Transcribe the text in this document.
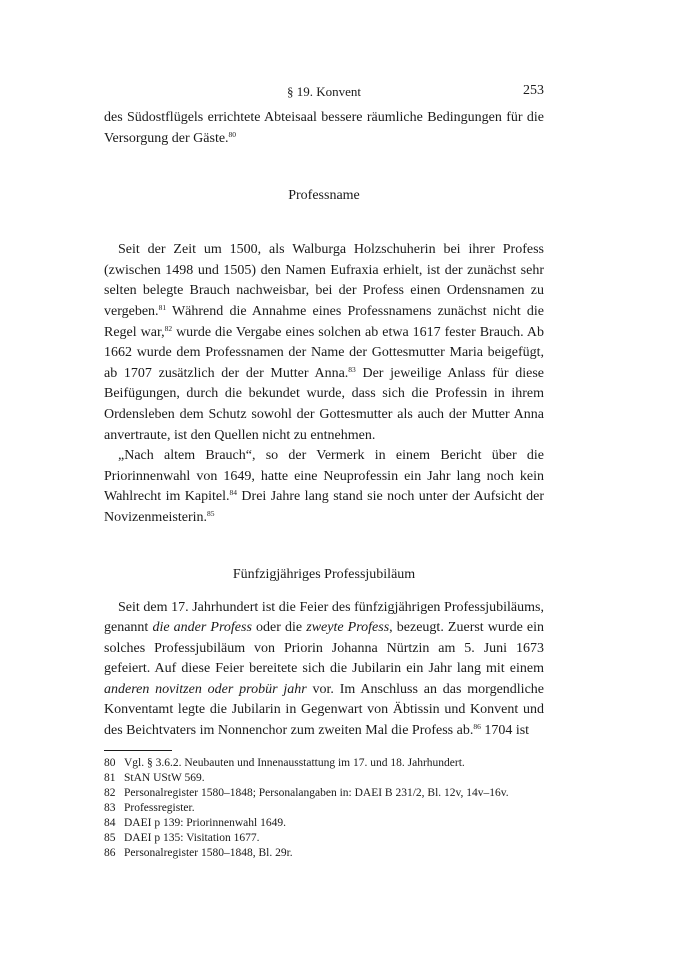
§ 19. Konvent	253

des Südostflügels errichtete Abteisaal bessere räumliche Bedingungen für die Versorgung der Gäste.$^{80}$

Professname

Seit der Zeit um 1500, als Walburga Holzschuherin bei ihrer Profess (zwischen 1498 und 1505) den Namen Eufraxia erhielt, ist der zunächst sehr selten belegte Brauch nachweisbar, bei der Profess einen Ordensnamen zu vergeben.$^{81}$ Während die Annahme eines Professnamens zunächst nicht die Regel war,$^{82}$ wurde die Vergabe eines solchen ab etwa 1617 fester Brauch. Ab 1662 wurde dem Professnamen der Name der Gottesmutter Maria beigefügt, ab 1707 zusätzlich der der Mutter Anna.$^{83}$ Der jeweilige Anlass für diese Beifügungen, durch die bekundet wurde, dass sich die Professin in ihrem Ordensleben dem Schutz sowohl der Gottesmutter als auch der Mutter Anna anvertraute, ist den Quellen nicht zu entnehmen.

„Nach altem Brauch“, so der Vermerk in einem Bericht über die Priorinnenwahl von 1649, hatte eine Neuprofessin ein Jahr lang noch kein Wahlrecht im Kapitel.$^{84}$ Drei Jahre lang stand sie noch unter der Aufsicht der Novizenmeisterin.$^{85}$

Fünfzigjähriges Professjubiläum

Seit dem 17. Jahrhundert ist die Feier des fünfzigjährigen Professjubiläums, genannt die ander Profess oder die zweyte Profess, bezeugt. Zuerst wurde ein solches Professjubiläum von Priorin Johanna Nürtzin am 5. Juni 1673 gefeiert. Auf diese Feier bereitete sich die Jubilarin ein Jahr lang mit einem anderen novitzen oder probür jahr vor. Im Anschluss an das morgendliche Konventamt legte die Jubilarin in Gegenwart von Äbtissin und Konvent und des Beichtvaters im Nonnenchor zum zweiten Mal die Profess ab.$^{86}$ 1704 ist

80 Vgl. § 3.6.2. Neubauten und Innenausstattung im 17. und 18. Jahrhundert.
81 StAN UStW 569.
82 Personalregister 1580–1848; Personalangaben in: DAEI B 231/2, Bl. 12v, 14v–16v.
83 Professregister.
84 DAEI p 139: Priorinnenwahl 1649.
85 DAEI p 135: Visitation 1677.
86 Personalregister 1580–1848, Bl. 29r.
